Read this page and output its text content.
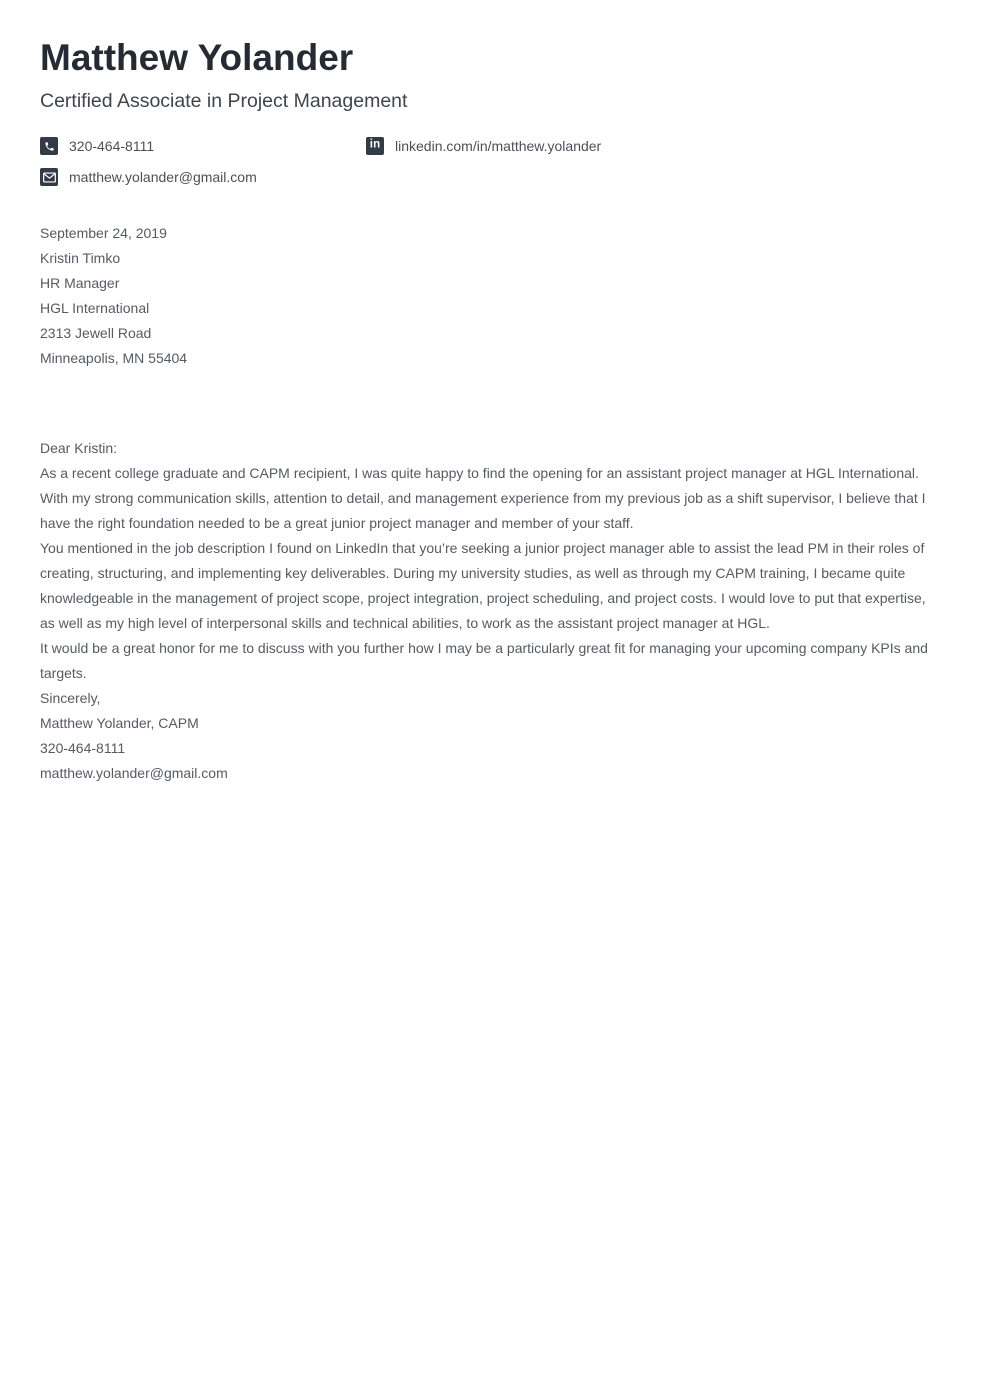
Matthew Yolander
Certified Associate in Project Management
320-464-8111	in linkedin.com/in/matthew.yolander
matthew.yolander@gmail.com

September 24, 2019

Kristin Timko
HR Manager
HGL International
2313 Jewell Road
Minneapolis, MN 55404

Dear Kristin:

As a recent college graduate and CAPM recipient, I was quite happy to find the opening for an assistant project manager at HGL International. With my strong communication skills, attention to detail, and management experience from my previous job as a shift supervisor, I believe that I have the right foundation needed to be a great junior project manager and member of your staff.

You mentioned in the job description I found on LinkedIn that you’re seeking a junior project manager able to assist the lead PM in their roles of creating, structuring, and implementing key deliverables. During my university studies, as well as through my CAPM training, I became quite knowledgeable in the management of project scope, project integration, project scheduling, and project costs. I would love to put that expertise, as well as my high level of interpersonal skills and technical abilities, to work as the assistant project manager at HGL.

It would be a great honor for me to discuss with you further how I may be a particularly great fit for managing your upcoming company KPIs and targets.

Sincerely,

Matthew Yolander, CAPM
320-464-8111
matthew.yolander@gmail.com
